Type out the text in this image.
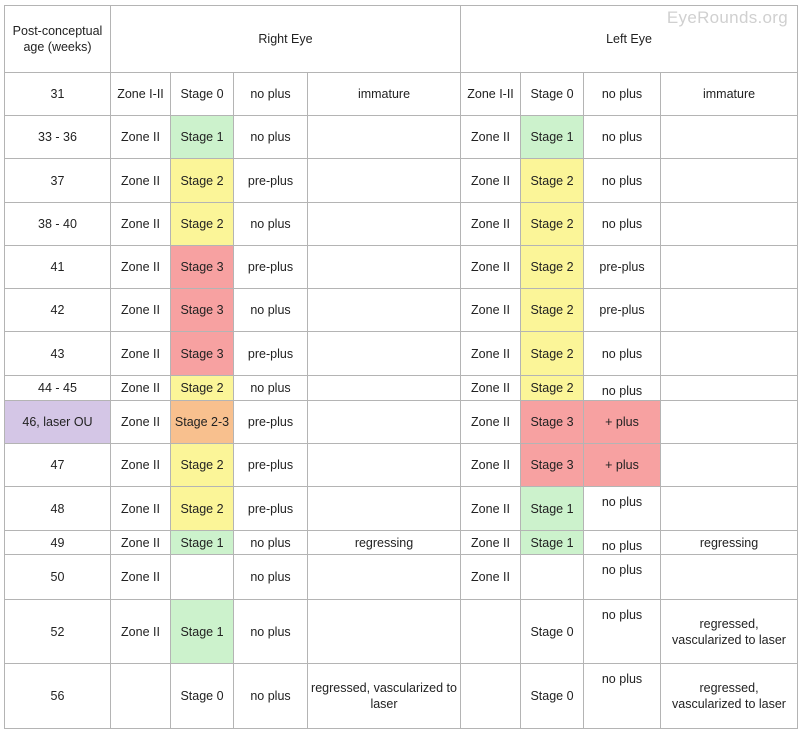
EyeRounds.org
Post-conceptual age (weeks)	Right Eye				Left Eye			
31	Zone I-II	Stage 0	no plus	immature	Zone I-II	Stage 0	no plus	immature
33 - 36	Zone II	Stage 1	no plus		Zone II	Stage 1	no plus	
37	Zone II	Stage 2	pre-plus		Zone II	Stage 2	no plus	
38 - 40	Zone II	Stage 2	no plus		Zone II	Stage 2	no plus	
41	Zone II	Stage 3	pre-plus		Zone II	Stage 2	pre-plus	
42	Zone II	Stage 3	no plus		Zone II	Stage 2	pre-plus	
43	Zone II	Stage 3	pre-plus		Zone II	Stage 2	no plus	
44 - 45	Zone II	Stage 2	no plus		Zone II	Stage 2	no plus	
46, laser OU	Zone II	Stage 2-3	pre-plus		Zone II	Stage 3	+ plus	
47	Zone II	Stage 2	pre-plus		Zone II	Stage 3	+ plus	
48	Zone II	Stage 2	pre-plus		Zone II	Stage 1	no plus	
49	Zone II	Stage 1	no plus	regressing	Zone II	Stage 1	no plus	regressing
50	Zone II		no plus		Zone II		no plus	
52	Zone II	Stage 1	no plus			Stage 0	no plus	regressed, vascularized to laser
56		Stage 0	no plus	regressed, vascularized to laser		Stage 0	no plus	regressed, vascularized to laser
